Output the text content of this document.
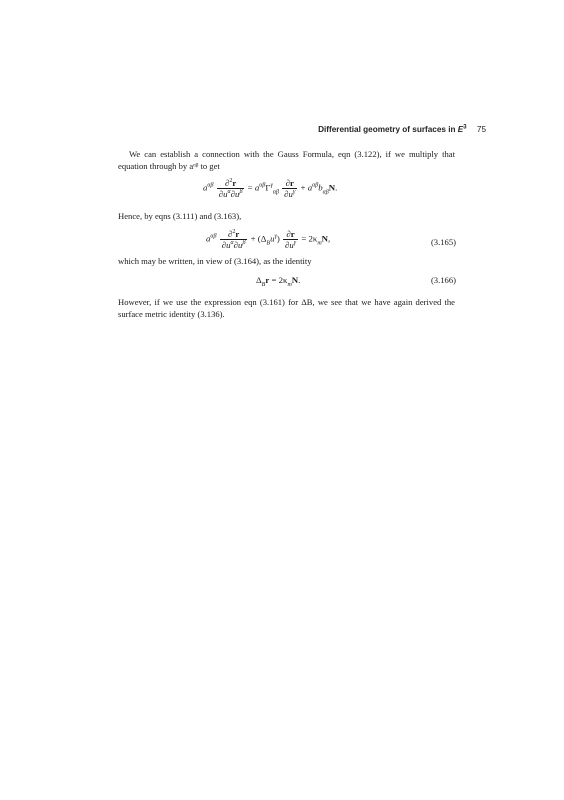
Differential geometry of surfaces in $E^3$ 75
We can establish a connection with the Gauss Formula, eqn (3.122), if we multiply that equation through by aᵅᵝ to get
$a^{\alpha\beta} \frac{\partial^2r}{\partial u^\alpha\partial u^\beta} = a^{\alpha\beta}\Gamma^\gamma_{\alpha\beta} \frac{\partial r}{\partial u^\gamma} + a^{\alpha\beta}b_{\alpha\beta}N$.
Hence, by eqns (3.111) and (3.163),
$a^{\alpha\beta} \frac{\partial^2r}{\partial u^\alpha\partial u^\beta} + (\Delta_Bu^\gamma) \frac{\partial r}{\partial u^\gamma} = 2\kappa_mN$,	(3.165)
which may be written, in view of (3.164), as the identity
$\Delta_Br = 2\kappa_mN$.	(3.166)
However, if we use the expression eqn (3.161) for ΔB, we see that we have again derived the surface metric identity (3.136).
